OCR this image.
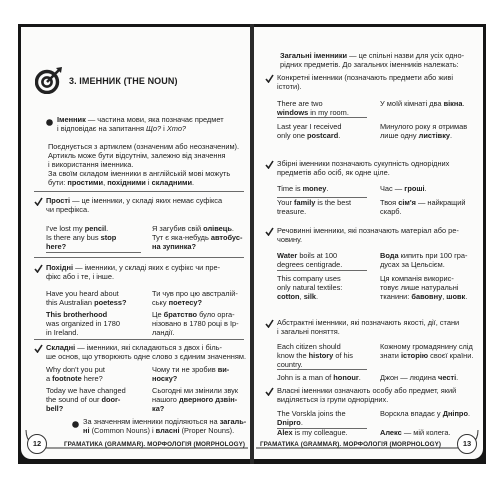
3. ІМЕННИК (THE NOUN)
Іменник — частина мови, яка позначає предмет
і відповідає на запитання Що? і Хто?
Поєднується з артиклем (означеним або неозначеним).
Артикль може бути відсутнім, залежно від значення
і використання іменника.
За своїм складом іменники в англійській мові можуть
бути: простими, похідними і складними.
Прості — це іменники, у складі яких немає суфікса
чи префікса.
I've lost my pencil.
Is there any bus stop
here?
Я загубив свій олівець.
Тут є яка-небудь автобус-
на зупинка?
Похідні — іменники, у складі яких є суфікс чи пре-
фікс або і те, і інше.
Have you heard about
this Australian poetess?
This brotherhood
was organized in 1780
in Ireland.
Ти чув про цю австралій-
ську поетесу?
Це братство було орга-
нізовано в 1780 році в Ір-
ландії.
Складні — іменники, які складаються з двох і біль-
ше основ, що утворюють одне слово з єдиним значенням.
Why don't you put
a footnote here?
Today we have changed
the sound of our door-
bell?
Чому ти не зробив ви-
носку?
Сьогодні ми змінили звук
нашого дверного дзвін-
ка?
За значенням іменники поділяються на загаль-
ні (Common Nouns) і власні (Proper Nouns).
12	ГРАМАТИКА (GRAMMAR). МОРФОЛОГІЯ (MORPHOLOGY)
Загальні іменники — це спільні назви для усіх одно-
рідних предметів. До загальних іменників належать:
Конкретні іменники (позначають предмети або живі
істоти).
There are two
windows in my room.
Last year I received
only one postcard.
У моїй кімнаті два вікна.
Минулого року я отримав
лише одну листівку.
Збірні іменники позначають сукупність однорідних
предметів або осіб, як одне ціле.
Time is money.
Your family is the best
treasure.
Час — гроші.
Твоя сім'я — найкращий
скарб.
Речовинні іменники, які позначають матеріал або ре-
човину.
Water boils at 100
degrees centigrade.
This company uses
only natural textiles:
cotton, silk.
Вода кипить при 100 гра-
дусах за Цельсієм.
Ця компанія викорис-
товує лише натуральні
тканини: бавовну, шовк.
Абстрактні іменники, які позначають якості, дії, стани
і загальні поняття.
Each citizen should
know the history of his
country.
John is a man of honour.
Кожному громадянину слід
знати історію своєї країни.
Джон — людина честі.
Власні іменники означають особу або предмет, який
виділяється із групи однорідних.
The Vorskla joins the
Dnipro.
Alex is my colleague.
Ворскла впадає у Дніпро.
Алекс — мій колега.
ГРАМАТИКА (GRAMMAR). МОРФОЛОГІЯ (MORPHOLOGY)	13
